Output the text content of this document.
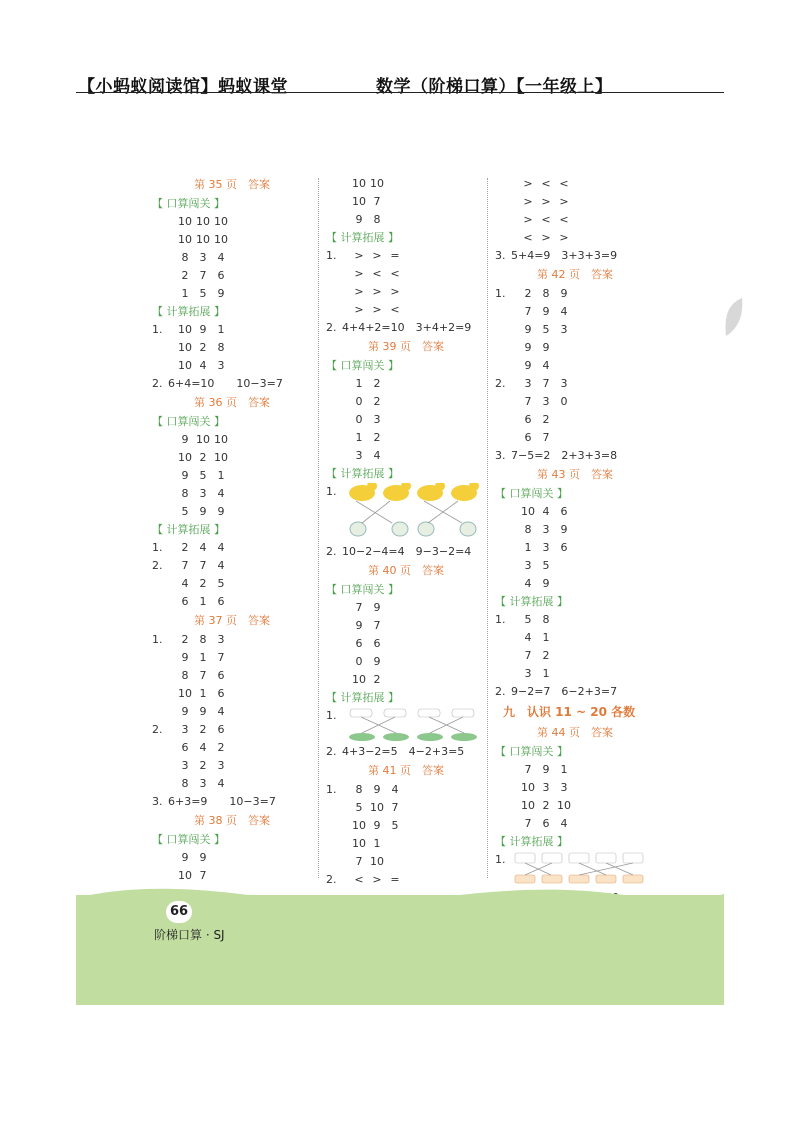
【小蚂蚁阅读馆】蚂蚁课堂	数学（阶梯口算）【一年级上】
第 35 页　答案
【 口算闯关 】
10 10 10
10 10 10
8 3 4
2 7 6
1 5 9
【 计算拓展 】
1. 10 9 1
10 2 8
10 4 3
2. 6+4=10　　10−3=7
第 36 页　答案
【 口算闯关 】
9 10 10
10 2 10
9 5 1
8 3 4
5 9 9
【 计算拓展 】
1. 2 4 4
2. 7 7 4
4 2 5
6 1 6
第 37 页　答案
1. 2 8 3
9 1 7
8 7 6
10 1 6
9 9 4
2. 3 2 6
6 4 2
3 2 3
8 3 4
3. 6+3=9　　10−3=7
第 38 页　答案
【 口算闯关 】
9 9
10 7
10 10
10 7
9 8
【 计算拓展 】
1. > > =
> < <
> > >
> > <
2. 4+4+2=10　3+4+2=9
第 39 页　答案
【 口算闯关 】
1 2
0 2
0 3
1 2
3 4
【 计算拓展 】
1.
2. 10−2−4=4　9−3−2=4
第 40 页　答案
【 口算闯关 】
7 9
9 7
6 6
0 9
10 2
【 计算拓展 】
1.
2. 4+3−2=5　4−2+3=5
第 41 页　答案
1. 8 9 4
5 10 7
10 9 5
10 1
7 10
2. < > =
> < <
> > >
> < <
< > >
3. 5+4=9　3+3+3=9
第 42 页　答案
1. 2 8 9
7 9 4
9 5 3
9 9
9 4
2. 3 7 3
7 3 0
6 2
6 7
3. 7−5=2　2+3+3=8
第 43 页　答案
【 口算闯关 】
10 4 6
8 3 9
1 3 6
3 5
4 9
【 计算拓展 】
1. 5 8
4 1
7 2
3 1
2. 9−2=7　6−2+3=7
九　认识 11 ~ 20 各数
第 44 页　答案
【 口算闯关 】
7 9 1
10 3 3
10 2 10
7 6 4
【 计算拓展 】
1.
66
阶梯口算 · SJ
